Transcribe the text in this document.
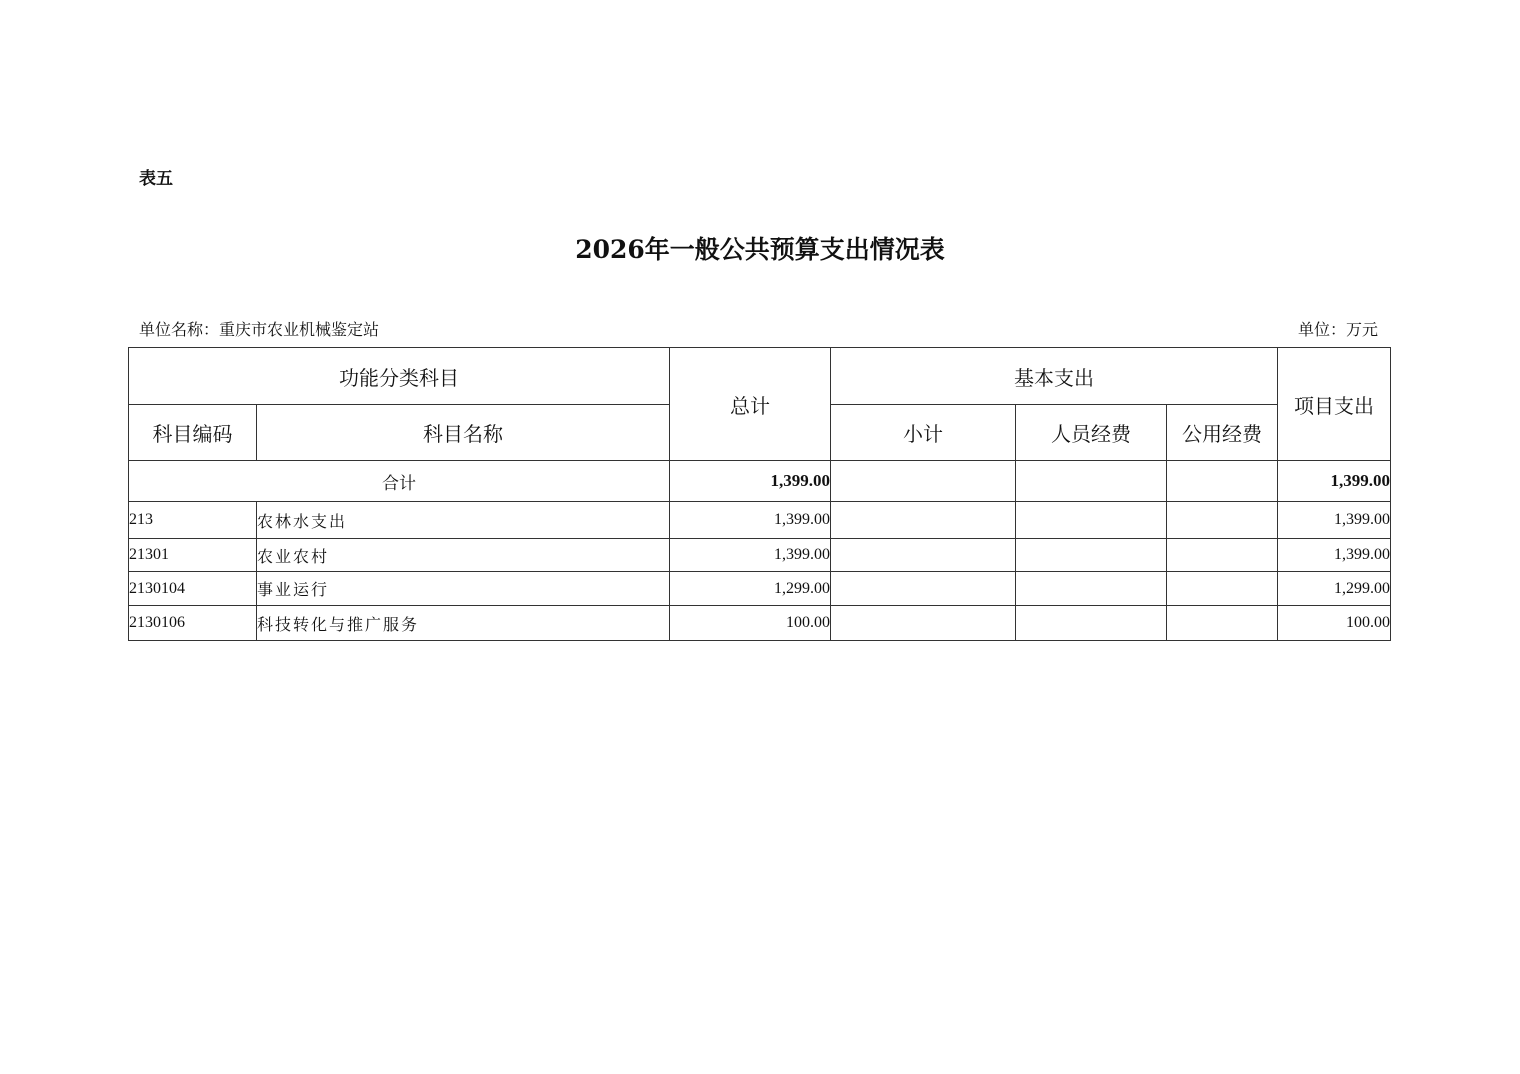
表五
2026年一般公共预算支出情况表
单位名称：重庆市农业机械鉴定站	单位：万元
功能分类科目		总计	基本支出			项目支出
科目编码	科目名称		小计	人员经费	公用经费	
合计		1,399.00				1,399.00
213	农林水支出	1,399.00				1,399.00
21301	农业农村	1,399.00				1,399.00
2130104	事业运行	1,299.00				1,299.00
2130106	科技转化与推广服务	100.00				100.00
